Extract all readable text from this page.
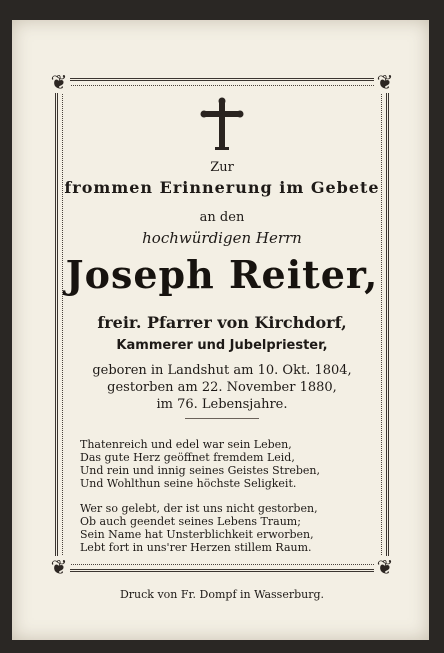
❦	❦
❦	❦
Zur
frommen Erinnerung im Gebete
an den
hochwürdigen Herrn
Joseph Reiter,
freir. Pfarrer von Kirchdorf,
Kammerer und Jubelpriester,
geboren in Landshut am 10. Okt. 1804,
gestorben am 22. November 1880,
im 76. Lebensjahre.
Thatenreich und edel war sein Leben,
Das gute Herz geöffnet fremdem Leid,
Und rein und innig seines Geistes Streben,
Und Wohlthun seine höchste Seligkeit.
Wer so gelebt, der ist uns nicht gestorben,
Ob auch geendet seines Lebens Traum;
Sein Name hat Unsterblichkeit erworben,
Lebt fort in uns'rer Herzen stillem Raum.
Druck von Fr. Dompf in Wasserburg.
